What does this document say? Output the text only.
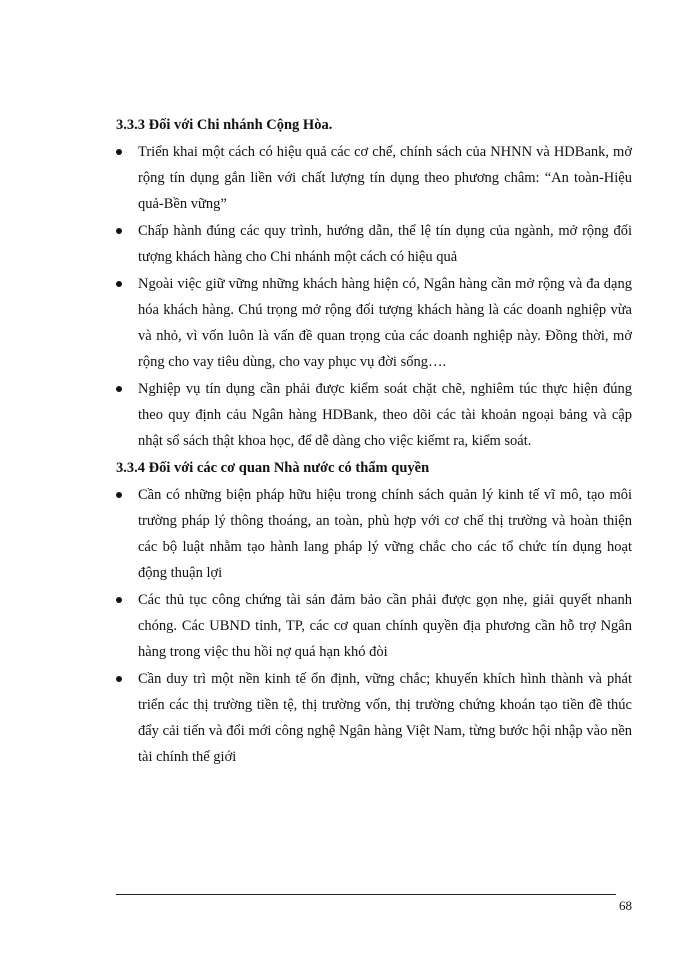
3.3.3 Đối với Chi nhánh Cộng Hòa.
Triển khai một cách có hiệu quả các cơ chế, chính sách của NHNN và HDBank, mở rộng tín dụng gắn liền với chất lượng tín dụng theo phương châm: “An toàn-Hiệu quả-Bền vững”
Chấp hành đúng các quy trình, hướng dẫn, thể lệ tín dụng của ngành, mở rộng đối tượng khách hàng cho Chi nhánh một cách có hiệu quả
Ngoài việc giữ vững những khách hàng hiện có, Ngân hàng cần mở rộng và đa dạng hóa khách hàng. Chú trọng mở rộng đối tượng khách hàng là các doanh nghiệp vừa và nhỏ, vì vốn luôn là vấn đề quan trọng của các doanh nghiệp này. Đồng thời, mở rộng cho vay tiêu dùng, cho vay phục vụ đời sống….
Nghiệp vụ tín dụng cần phải được kiểm soát chặt chẽ, nghiêm túc thực hiện đúng theo quy định cảu Ngân hàng HDBank, theo dõi các tài khoản ngoại bảng và cập nhật sổ sách thật khoa học, để dễ dàng cho việc kiểmt ra, kiểm soát.
3.3.4 Đối với các cơ quan Nhà nước có thẩm quyền
Cần có những biện pháp hữu hiệu trong chính sách quản lý kinh tế vĩ mô, tạo môi trường pháp lý thông thoáng, an toàn, phù hợp với cơ chế thị trường và hoàn thiện các bộ luật nhằm tạo hành lang pháp lý vững chắc cho các tổ chức tín dụng hoạt động thuận lợi
Các thủ tục công chứng tài sản đảm bảo cần phải được gọn nhẹ, giải quyết nhanh chóng. Các UBND tỉnh, TP, các cơ quan chính quyền địa phương cần hỗ trợ Ngân hàng trong việc thu hồi nợ quá hạn khó đòi
Cần duy trì một nền kinh tế ổn định, vững chắc; khuyến khích hình thành và phát triển các thị trường tiền tệ, thị trường vốn, thị trường chứng khoán tạo tiền đề thúc đẩy cải tiến và đổi mới công nghệ Ngân hàng Việt Nam, từng bước hội nhập vào nền tài chính thế giới
68
